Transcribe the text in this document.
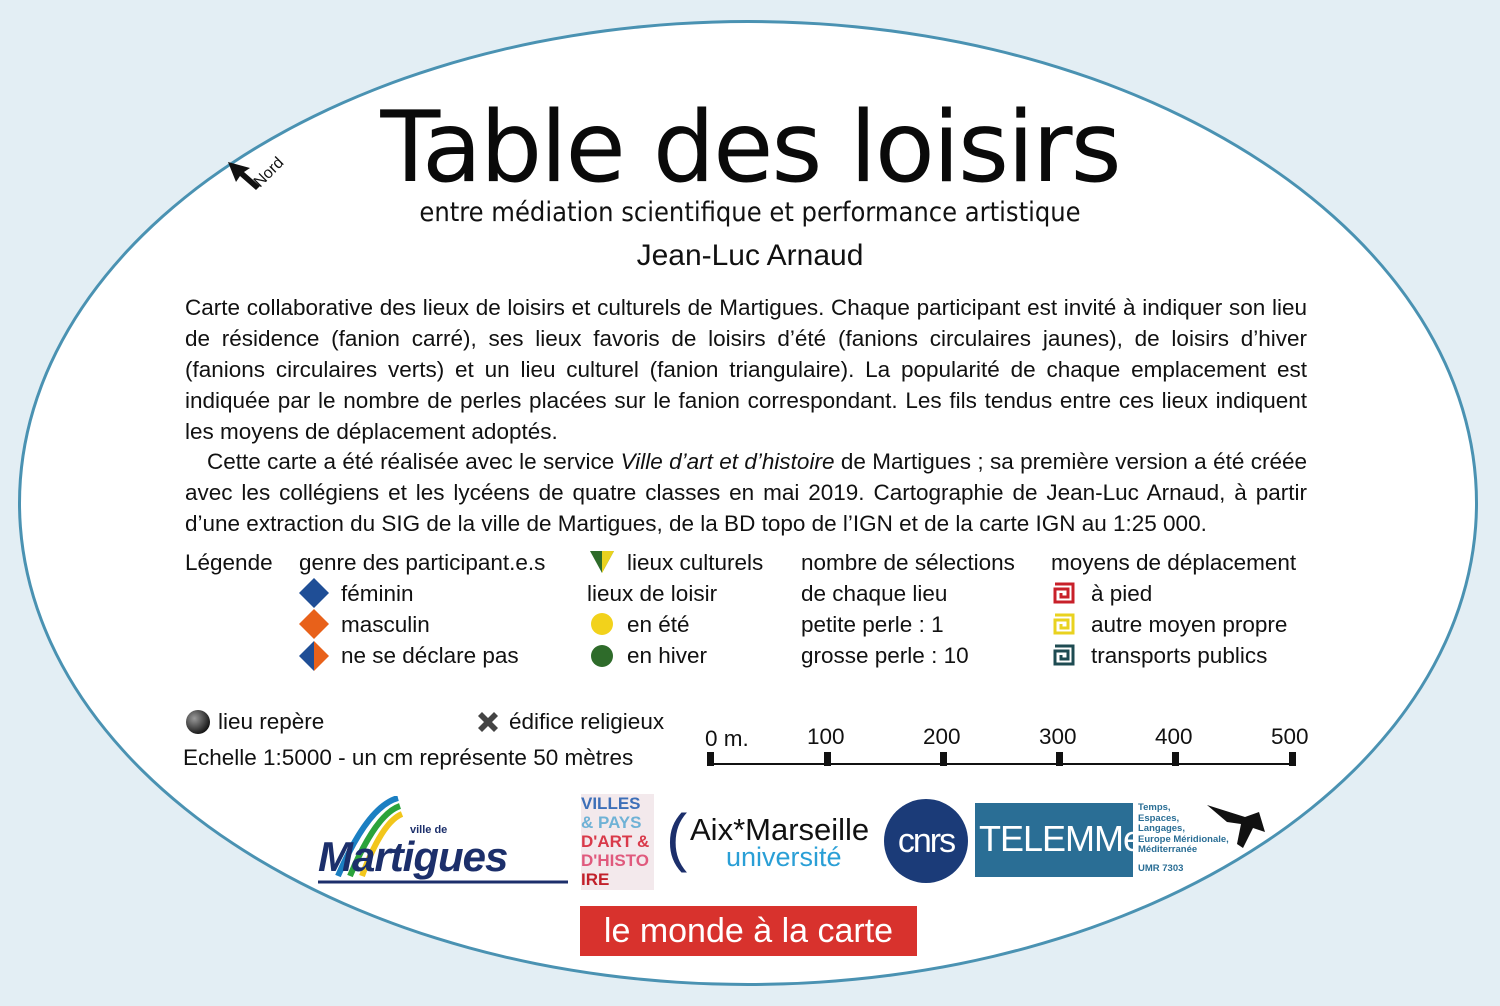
Nord Table des loisirs
entre médiation scientifique et performance artistique
Jean-Luc Arnaud

Carte collaborative des lieux de loisirs et culturels de Martigues. Chaque participant est invité à indiquer son lieu de résidence (fanion carré), ses lieux favoris de loisirs d’été (fanions circulaires jaunes), de loisirs d’hiver (fanions circulaires verts) et un lieu culturel (fanion triangulaire). La popularité de chaque emplacement est indiquée par le nombre de perles placées sur le fanion correspondant. Les fils tendus entre ces lieux indiquent les moyens de déplacement adoptés.

Cette carte a été réalisée avec le service Ville d’art et d’histoire de Martigues ; sa première version a été créée avec les collégiens et les lycéens de quatre classes en mai 2019. Cartographie de Jean-Luc Arnaud, à partir d’une extraction du SIG de la ville de Martigues, de la BD topo de l’IGN et de la carte IGN au 1:25 000.

Légende genre des participant.e.s
féminin
masculin
ne se déclare pas
lieux culturels
lieux de loisir
en été
en hiver
nombre de sélections
de chaque lieu
petite perle : 1
grosse perle : 10
moyens de déplacement
à pied
autre moyen propre
transports publics
lieu repère	édifice religieux
Echelle 1:5000 - un cm représente 50 mètres
0 m.	100	200	300	400	500
ville de
Martigues
VILLES
& PAYS
D'ART &
D'HISTO
IRE
( Aix*Marseille
université	cnrs TELEMMe
Temps,
Espaces,
Langages,
Europe Méridionale,
Méditerranée
UMR 7303
le monde à la carte
